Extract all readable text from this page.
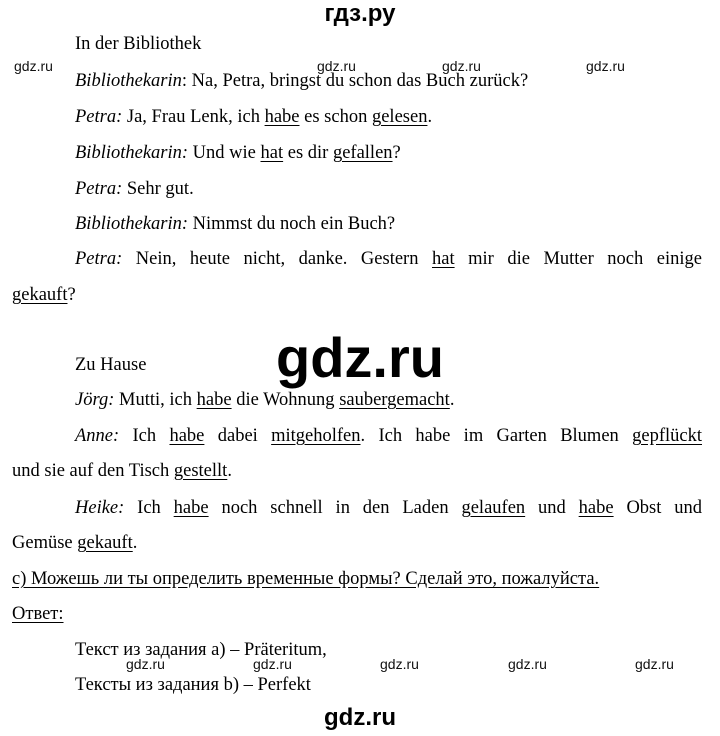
гдз.ру
In der Bibliothek
gdz.ru	gdz.ru	gdz.ru	gdz.ru
Bibliothekarin: Na, Petra, bringst du schon das Buch zurück?
Petra: Ja, Frau Lenk, ich habe es schon gelesen.
Bibliothekarin: Und wie hat es dir gefallen?
Petra: Sehr gut.
Bibliothekarin: Nimmst du noch ein Buch?
Petra: Nein, heute nicht, danke. Gestern hat mir die Mutter noch einige
gekauft?
gdz.ru
Zu Hause
Jörg: Mutti, ich habe die Wohnung saubergemacht.
Anne: Ich habe dabei mitgeholfen. Ich habe im Garten Blumen gepflückt
und sie auf den Tisch gestellt.
Heike: Ich habe noch schnell in den Laden gelaufen und habe Obst und
Gemüse gekauft.
с) Можешь ли ты определить временные формы? Сделай это, пожалуйста.
Ответ:
Текст из задания а) – Präteritum,
gdz.ru	gdz.ru	gdz.ru	gdz.ru	gdz.ru
Тексты из задания b) – Perfekt
gdz.ru
